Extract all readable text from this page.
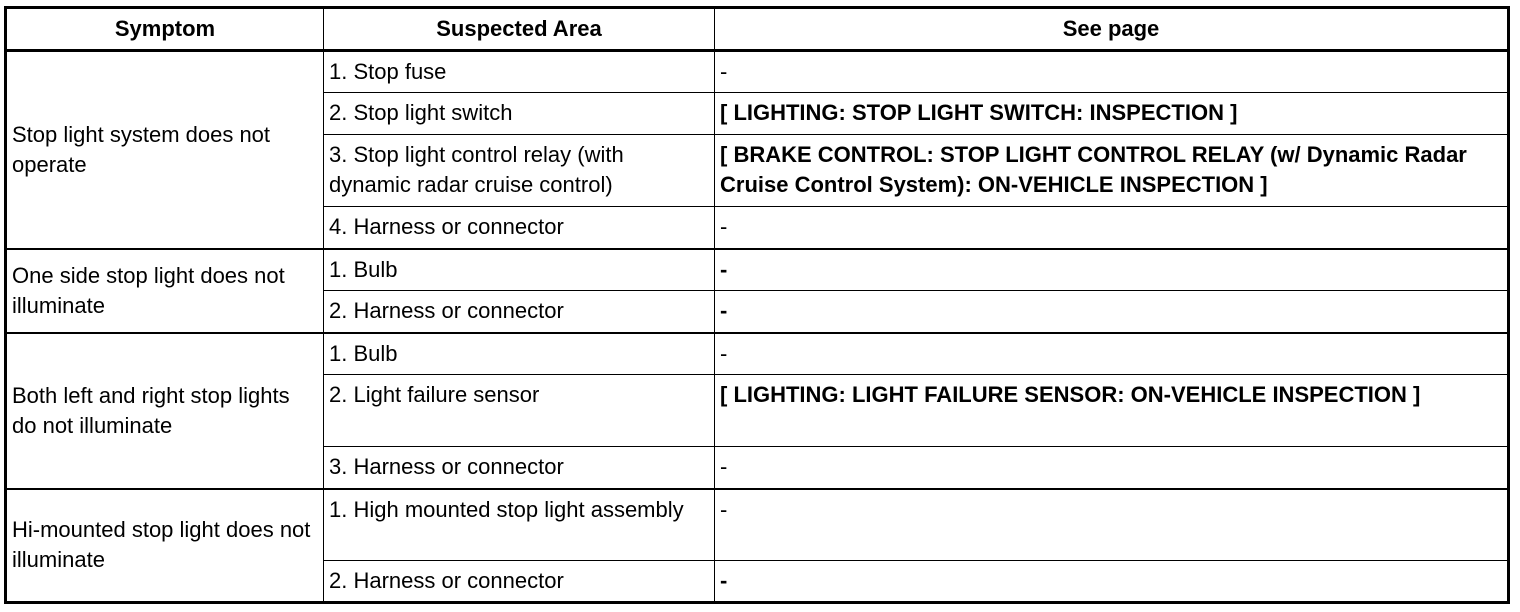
Symptom	Suspected Area	See page
Stop light system does not operate	1. Stop fuse	-
	2. Stop light switch	[ LIGHTING: STOP LIGHT SWITCH: INSPECTION ]
	3. Stop light control relay (with dynamic radar cruise control)	[ BRAKE CONTROL: STOP LIGHT CONTROL RELAY (w/ Dynamic Radar Cruise Control System): ON-VEHICLE INSPECTION ]
	4. Harness or connector	-
One side stop light does not illuminate	1. Bulb	-
	2. Harness or connector	-
Both left and right stop lights do not illuminate	1. Bulb	-
	2. Light failure sensor	[ LIGHTING: LIGHT FAILURE SENSOR: ON-VEHICLE INSPECTION ]
	3. Harness or connector	-
Hi-mounted stop light does not illuminate	1. High mounted stop light assembly	-
	2. Harness or connector	-
